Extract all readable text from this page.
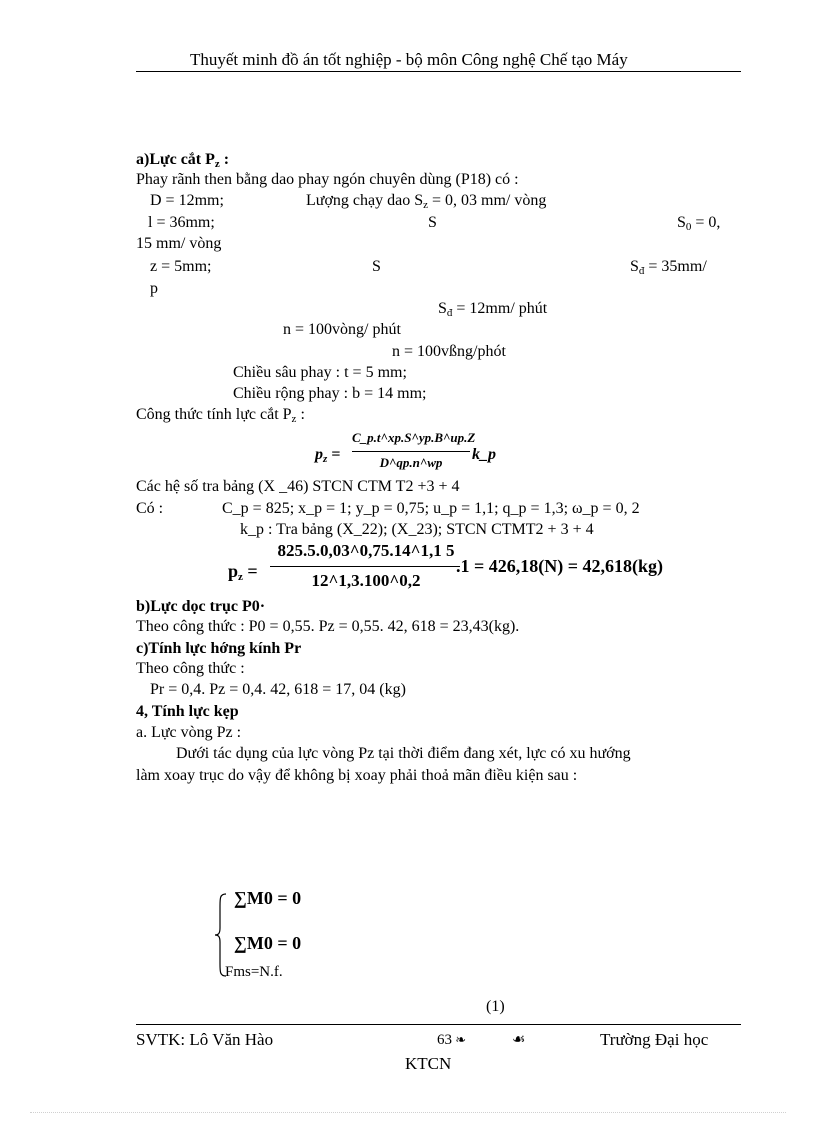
Thuyết minh đồ án tốt nghiệp - bộ môn Công nghệ Chế tạo Máy
a)Lực cắt $P_z$ :
Phay rãnh then bằng dao phay ngón chuyên dùng (P18) có :
D = 12mm;	Lượng chạy dao $S_z = 0$, 03 mm/ vòng
l = 36mm;	S	$S_0 = 0$,
15 mm/ vòng
z = 5mm;	S	$S_đ = 35mm/$
p
$S_đ = 12mm/$ phút
n = 100vòng/ phút
n = 100vßng/phót
Chiều sâu phay : t = 5 mm;
Chiều rộng phay : b = 14 mm;
Công thức tính lực cắt $P_z$ :
$p_z$ =
C_p.t^xp.S^yp.B^up.Z
D^qp.n^wp	k_p
Các hệ số tra bảng (X _46) STCN CTM T2 +3 + 4
Có :	C_p = 825; x_p = 1; y_p = 0,75; u_p = 1,1; q_p = 1,3; ω_p = 0, 2
k_p : Tra bảng (X_22); (X_23); STCN CTMT2 + 3 + 4
$p_z$ =
825.5.0,03^0,75.14^1,1 5
12^1,3.100^0,2
.1 = 426,18(N) = 42,618(kg)
b)Lực dọc trục P0·
Theo công thức : P0 = 0,55. Pz = 0,55. 42, 618 = 23,43(kg).
c)Tính lực hớng kính Pr
Theo công thức :
Pr = 0,4. Pz = 0,4. 42, 618 = 17, 04 (kg)
4, Tính lực kẹp
a. Lực vòng Pz :
Dưới tác dụng của lực vòng Pz tại thời điểm đang xét, lực có xu hướng
làm xoay trục do vậy để không bị xoay phải thoả mãn điều kiện sau :
∑M0 = 0
∑M0 = 0
Fms=N.f.
(1)
SVTK: Lô Văn Hào	63 ❧	☙	Trường Đại học
KTCN
